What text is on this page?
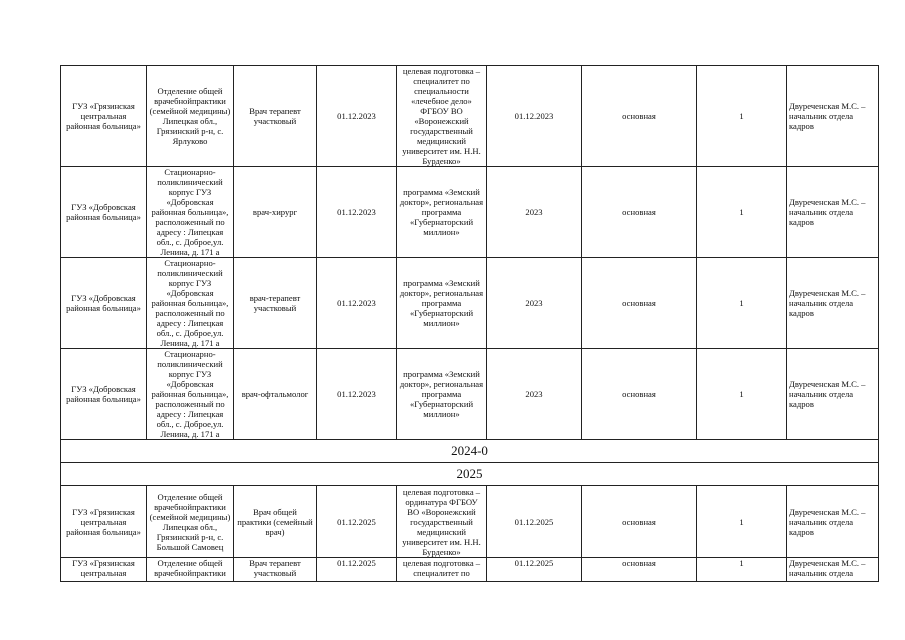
ГУЗ «Грязинская центральная районная больница»	Отделение общей врачебнойпрактики (семейной медицины) Липецкая обл., Грязинский р-н, с. Ярлуково	Врач терапевт участковый	01.12.2023	целевая подготовка – специалитет по специальности «лечебное дело» ФГБОУ ВО «Воронежский государственный медицинский университет им. Н.Н. Бурденко»	01.12.2023	основная	1	Двуреченская М.С. – начальник отдела кадров
ГУЗ «Добровская районная больница»	Стационарно-поликлинический корпус ГУЗ «Добровская районная больница», расположенный по адресу : Липецкая обл., с. Доброе,ул. Ленина, д. 171 а	врач-хирург	01.12.2023	программа «Земский доктор», региональная программа «Губернаторский миллион»	2023	основная	1	Двуреченская М.С. – начальник отдела кадров
ГУЗ «Добровская районная больница»	Стационарно-поликлинический корпус ГУЗ «Добровская районная больница», расположенный по адресу : Липецкая обл., с. Доброе,ул. Ленина, д. 171 а	врач-терапевт участковый	01.12.2023	программа «Земский доктор», региональная программа «Губернаторский миллион»	2023	основная	1	Двуреченская М.С. – начальник отдела кадров
ГУЗ «Добровская районная больница»	Стационарно-поликлинический корпус ГУЗ «Добровская районная больница», расположенный по адресу : Липецкая обл., с. Доброе,ул. Ленина, д. 171 а	врач-офтальмолог	01.12.2023	программа «Земский доктор», региональная программа «Губернаторский миллион»	2023	основная	1	Двуреченская М.С. – начальник отдела кадров
2024-0								
2025								
ГУЗ «Грязинская центральная районная больница»	Отделение общей врачебнойпрактики (семейной медицины) Липецкая обл., Грязинский р-н, с. Большой Самовец	Врач общей практики (семейный врач)	01.12.2025	целевая подготовка – ординатура ФГБОУ ВО «Воронежский государственный медицинский университет им. Н.Н. Бурденко»	01.12.2025	основная	1	Двуреченская М.С. – начальник отдела кадров
ГУЗ «Грязинская центральная	Отделение общей врачебнойпрактики	Врач терапевт участковый	01.12.2025	целевая подготовка – специалитет по	01.12.2025	основная	1	Двуреченская М.С. – начальник отдела
